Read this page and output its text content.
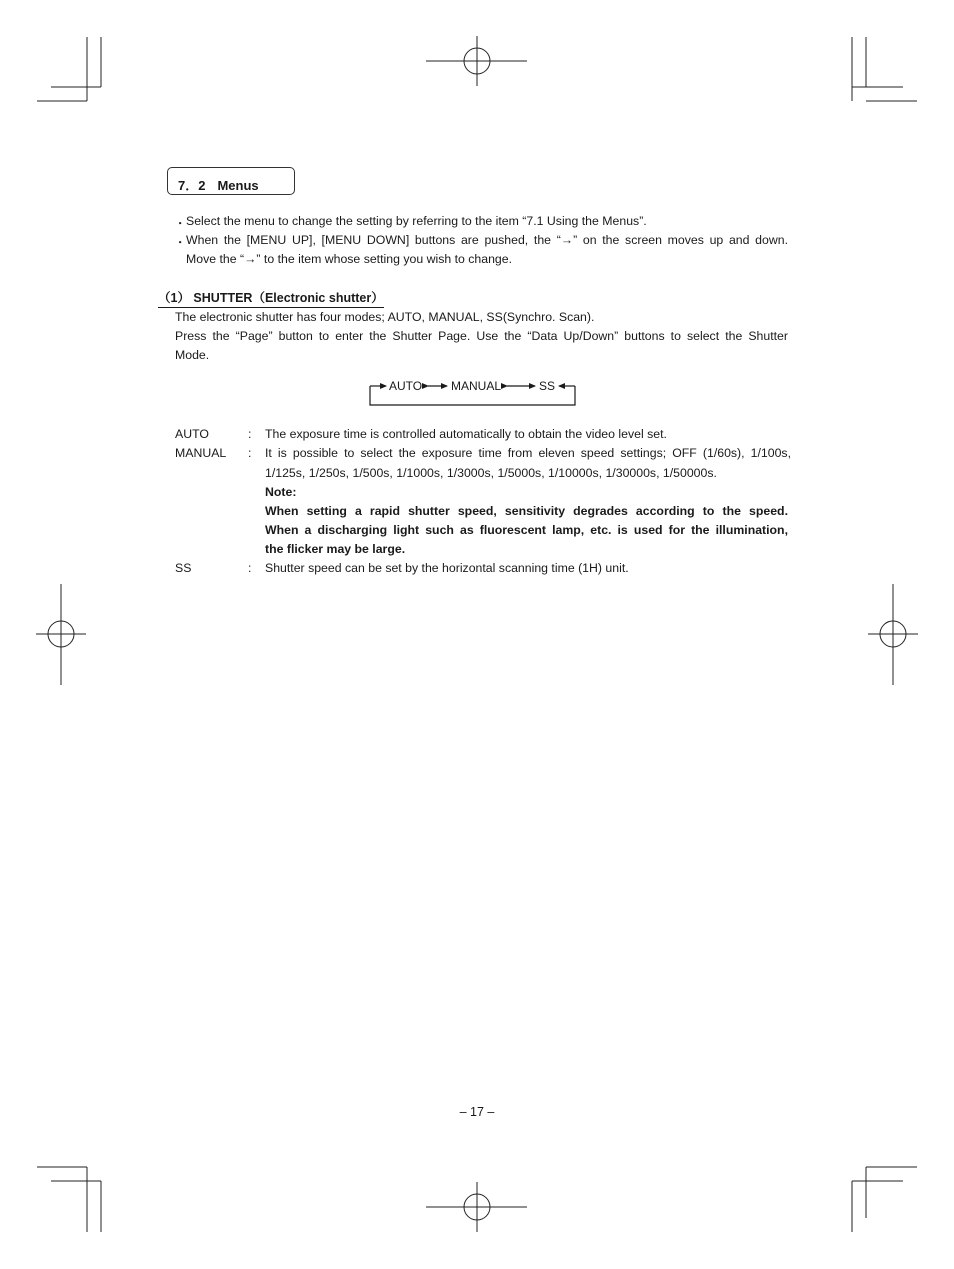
7．2 Menus
・ Select the menu to change the setting by referring to the item “7.1 Using the Menus”.
・ When the [MENU UP], [MENU DOWN] buttons are pushed, the “→” on the screen moves up and down.
Move the “→” to the item whose setting you wish to change.
（1） SHUTTER（Electronic shutter）
The electronic shutter has four modes; AUTO, MANUAL, SS(Synchro. Scan).
Press the “Page” button to enter the Shutter Page. Use the “Data Up/Down” buttons to select the Shutter
Mode.
AUTO MANUAL	SS
AUTO	: The exposure time is controlled automatically to obtain the video level set.
MANUAL : It is possible to select the exposure time from eleven speed settings; OFF (1/60s), 1/100s,
1/125s, 1/250s, 1/500s, 1/1000s, 1/3000s, 1/5000s, 1/10000s, 1/30000s, 1/50000s.
Note:
When setting a rapid shutter speed, sensitivity degrades according to the speed.
When a discharging light such as fluorescent lamp, etc. is used for the illumination,
the flicker may be large.
SS	: Shutter speed can be set by the horizontal scanning time (1H) unit.
– 17 –
